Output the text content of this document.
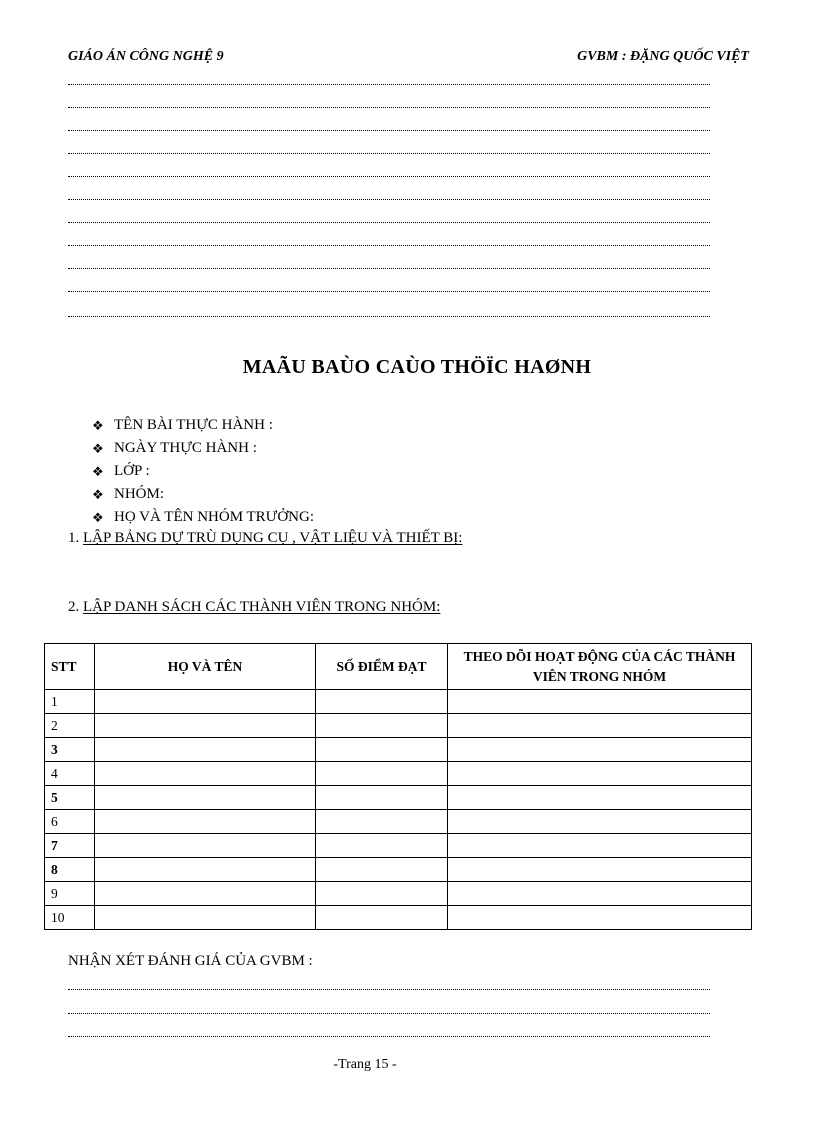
GIÁO ÁN CÔNG NGHỆ 9	GVBM : ĐẶNG QUỐC VIỆT
MAÃU BAÙO CAÙO THÖÏC HAØNH
❖ TÊN BÀI THỰC HÀNH :
❖ NGÀY THỰC HÀNH :
❖ LỚP :
❖ NHÓM:
❖ HỌ VÀ TÊN NHÓM TRƯỞNG:
1. LẬP BẢNG DỰ TRÙ DỤNG CỤ , VẬT LIỆU VÀ THIẾT BỊ:
2. LẬP DANH SÁCH CÁC THÀNH VIÊN TRONG NHÓM:
STT	HỌ VÀ TÊN	SỐ ĐIỂM ĐẠT	THEO DÕI HOẠT ĐỘNG CỦA CÁC THÀNH VIÊN TRONG NHÓM
1			
2			
3			
4			
5			
6			
7			
8			
9			
10			
NHẬN XÉT ĐÁNH GIÁ CỦA GVBM :
-Trang 15 -
